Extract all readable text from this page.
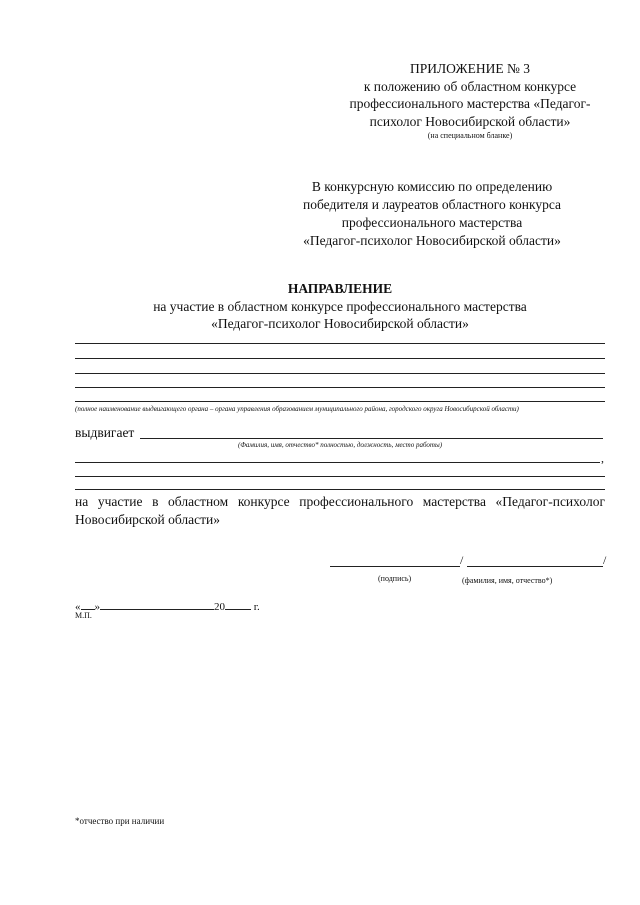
ПРИЛОЖЕНИЕ № 3
к положению об областном конкурсе
профессионального мастерства «Педагог-
психолог Новосибирской области»
(на специальном бланке)
В конкурсную комиссию по определению
победителя и лауреатов областного конкурса
профессионального мастерства
«Педагог-психолог Новосибирской области»
НАПРАВЛЕНИЕ
на участие в областном конкурсе профессионального мастерства
«Педагог-психолог Новосибирской области»
(полное наименование выдвигающего органа – органа управления образованием муниципального района, городского округа Новосибирской области)
выдвигает
(Фамилия, имя, отчество* полностью, должность, место работы)
,
на участие в областном конкурсе профессионального мастерства «Педагог-психолог Новосибирской области»
/	/
(подпись)	(фамилия, имя, отчество*)
« »	20 г.
М.П.
*отчество при наличии
